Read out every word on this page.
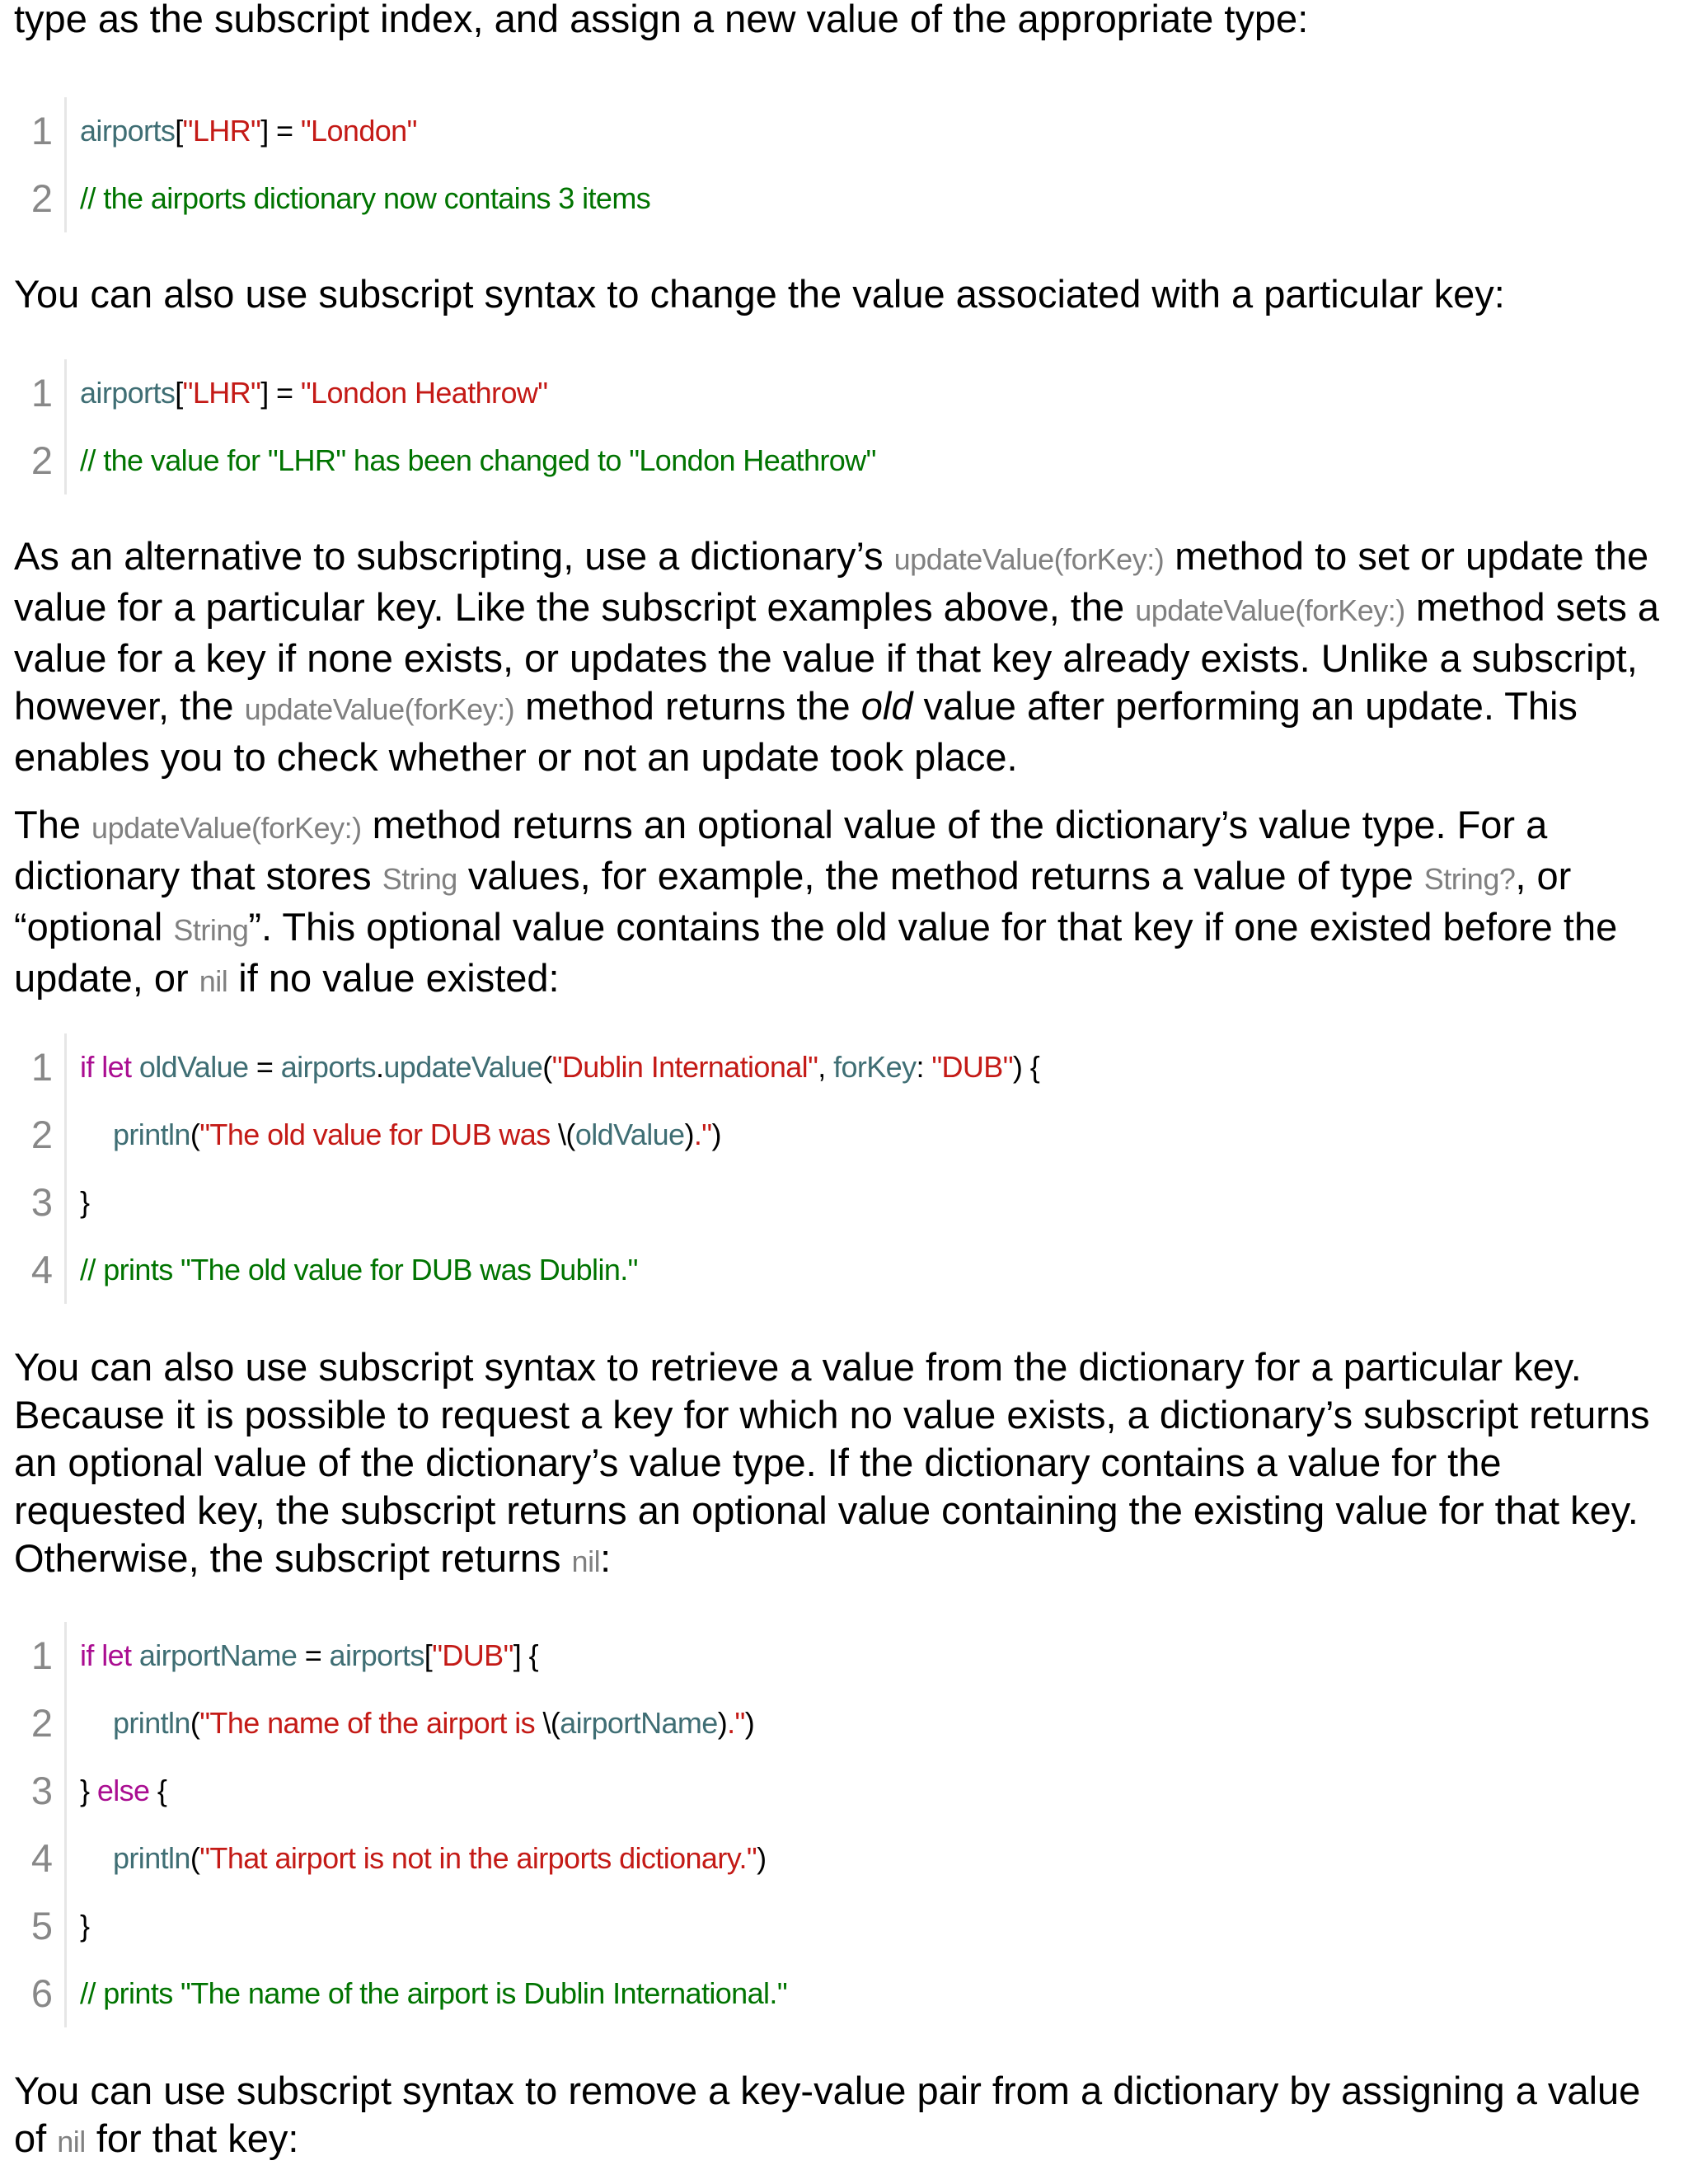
type as the subscript index, and assign a new value of the appropriate type:

1 airports["LHR"] = "London"
2 // the airports dictionary now contains 3 items

You can also use subscript syntax to change the value associated with a particular key:

1 airports["LHR"] = "London Heathrow"
2 // the value for "LHR" has been changed to "London Heathrow"

As an alternative to subscripting, use a dictionary’s updateValue(forKey:) method to set or update the value for a particular key. Like the subscript examples above, the updateValue(forKey:) method sets a value for a key if none exists, or updates the value if that key already exists. Unlike a subscript, however, the updateValue(forKey:) method returns the old value after performing an update. This enables you to check whether or not an update took place.

The updateValue(forKey:) method returns an optional value of the dictionary’s value type. For a dictionary that stores String values, for example, the method returns a value of type String?, or “optional String”. This optional value contains the old value for that key if one existed before the update, or nil if no value existed:

1 if let oldValue = airports.updateValue("Dublin International", forKey: "DUB") {
2	println("The old value for DUB was \(oldValue).")
3 }
4 // prints "The old value for DUB was Dublin."

You can also use subscript syntax to retrieve a value from the dictionary for a particular key. Because it is possible to request a key for which no value exists, a dictionary’s subscript returns an optional value of the dictionary’s value type. If the dictionary contains a value for the requested key, the subscript returns an optional value containing the existing value for that key. Otherwise, the subscript returns nil:

1 if let airportName = airports["DUB"] {
2	println("The name of the airport is \(airportName).")
3 } else {
4	println("That airport is not in the airports dictionary.")
5 }
6 // prints "The name of the airport is Dublin International."

You can use subscript syntax to remove a key-value pair from a dictionary by assigning a value of nil for that key:
